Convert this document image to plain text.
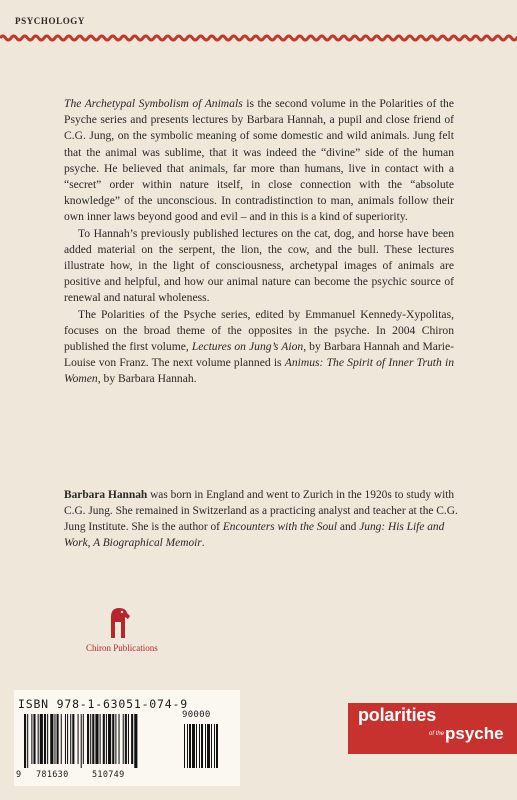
PSYCHOLOGY

The Archetypal Symbolism of Animals is the second volume in the Polarities of the Psyche series and presents lectures by Barbara Hannah, a pupil and close friend of C.G. Jung, on the symbolic meaning of some domestic and wild animals. Jung felt that the animal was sublime, that it was indeed the “divine” side of the human psyche. He believed that animals, far more than humans, live in contact with a “secret” order within nature itself, in close connection with the “absolute knowledge” of the unconscious. In contradistinction to man, animals follow their own inner laws beyond good and evil – and in this is a kind of superiority.

To Hannah’s previously published lectures on the cat, dog, and horse have been added material on the serpent, the lion, the cow, and the bull. These lectures illustrate how, in the light of consciousness, archetypal images of animals are positive and helpful, and how our animal nature can become the psychic source of renewal and natural wholeness.

The Polarities of the Psyche series, edited by Emmanuel Kennedy-Xypolitas, focuses on the broad theme of the opposites in the psyche. In 2004 Chiron published the first volume, Lectures on Jung’s Aion, by Barbara Hannah and Marie-Louise von Franz. The next volume planned is Animus: The Spirit of Inner Truth in Women, by Barbara Hannah.

Barbara Hannah was born in England and went to Zurich in the 1920s to study with C.G. Jung. She remained in Switzerland as a practicing analyst and teacher at the C.G. Jung Institute. She is the author of Encounters with the Soul and Jung: His Life and Work, A Biographical Memoir.
Chiron Publications
ISBN 978-1-63051-074-9
9 781630	510749
90000	polarities
of the psyche
